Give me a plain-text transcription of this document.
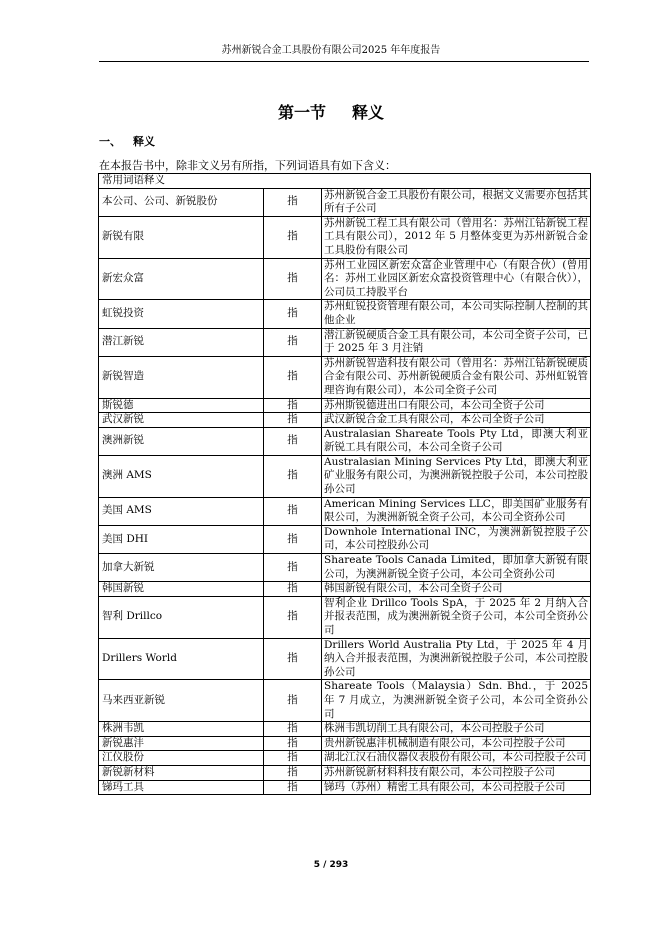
苏州新锐合金工具股份有限公司2025 年年度报告
第一节 释义
一、 释义
在本报告书中，除非文义另有所指，下列词语具有如下含义：
常用词语释义		
本公司、公司、新锐股份	指	苏州新锐合金工具股份有限公司，根据文义需要亦包括其所有子公司
新锐有限	指	苏州新锐工程工具有限公司（曾用名：苏州江钻新锐工程工具有限公司），2012 年 5 月整体变更为苏州新锐合金工具股份有限公司
新宏众富	指	苏州工业园区新宏众富企业管理中心（有限合伙）(曾用名：苏州工业园区新宏众富投资管理中心（有限合伙）），公司员工持股平台
虹锐投资	指	苏州虹锐投资管理有限公司，本公司实际控制人控制的其他企业
潜江新锐	指	潜江新锐硬质合金工具有限公司，本公司全资子公司，已于 2025 年 3 月注销
新锐智造	指	苏州新锐智造科技有限公司（曾用名：苏州江钻新锐硬质合金有限公司、苏州新锐硬质合金有限公司、苏州虹锐管理咨询有限公司），本公司全资子公司
斯锐德	指	苏州斯锐德进出口有限公司，本公司全资子公司
武汉新锐	指	武汉新锐合金工具有限公司，本公司全资子公司
澳洲新锐	指	Australasian Shareate Tools Pty Ltd，即澳大利亚新锐工具有限公司，本公司全资子公司
澳洲 AMS	指	Australasian Mining Services Pty Ltd，即澳大利亚矿业服务有限公司，为澳洲新锐控股子公司，本公司控股孙公司
美国 AMS	指	American Mining Services LLC，即美国矿业服务有限公司，为澳洲新锐全资子公司，本公司全资孙公司
美国 DHI	指	Downhole International INC，为澳洲新锐控股子公司，本公司控股孙公司
加拿大新锐	指	Shareate Tools Canada Limited，即加拿大新锐有限公司，为澳洲新锐全资子公司，本公司全资孙公司
韩国新锐	指	韩国新锐有限公司，本公司全资子公司
智利 Drillco	指	智利企业 Drillco Tools SpA，于 2025 年 2 月纳入合并报表范围，成为澳洲新锐全资子公司，本公司全资孙公司
Drillers World	指	Drillers World Australia Pty Ltd，于 2025 年 4 月纳入合并报表范围，为澳洲新锐控股子公司，本公司控股孙公司
马来西亚新锐	指	Shareate Tools（Malaysia）Sdn. Bhd.，于 2025 年 7 月成立，为澳洲新锐全资子公司，本公司全资孙公司
株洲韦凯	指	株洲韦凯切削工具有限公司，本公司控股子公司
新锐惠沣	指	贵州新锐惠沣机械制造有限公司，本公司控股子公司
江仪股份	指	湖北江汉石油仪器仪表股份有限公司，本公司控股子公司
新锐新材料	指	苏州新锐新材料科技有限公司，本公司控股子公司
锑玛工具	指	锑玛（苏州）精密工具有限公司，本公司控股子公司
5 / 293
